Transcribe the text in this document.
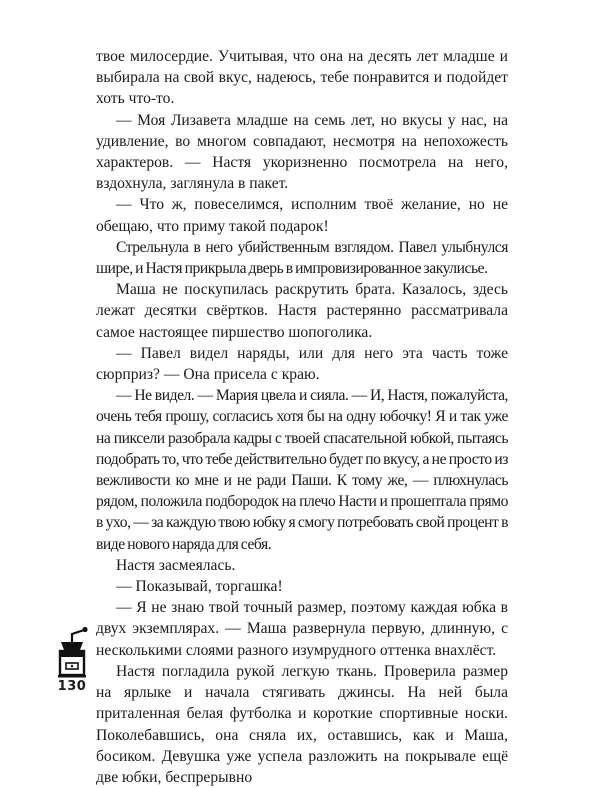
твое милосердие. Учитывая, что она на десять лет младше и выбирала на свой вкус, надеюсь, тебе понравится и подойдет хоть что-то.

— Моя Лизавета младше на семь лет, но вкусы у нас, на удивление, во многом совпадают, несмотря на непохожесть характеров. — Настя укоризненно посмотрела на него, вздохнула, заглянула в пакет.

— Что ж, повеселимся, исполним твоё желание, но не обещаю, что приму такой подарок!

Стрельнула в него убийственным взглядом. Павел улыбнулся шире, и Настя прикрыла дверь в импровизированное закулисье.

Маша не поскупилась раскрутить брата. Казалось, здесь лежат десятки свёртков. Настя растерянно рассматривала самое настоящее пиршество шопоголика.

— Павел видел наряды, или для него эта часть тоже сюрприз? — Она присела с краю.

— Не видел. — Мария цвела и сияла. — И, Настя, пожалуйста, очень тебя прошу, согласись хотя бы на одну юбочку! Я и так уже на пиксели разобрала кадры с твоей спасательной юбкой, пытаясь подобрать то, что тебе действительно будет по вкусу, а не просто из вежливости ко мне и не ради Паши. К тому же, — плюхнулась рядом, положила подбородок на плечо Насти и прошептала прямо в ухо, — за каждую твою юбку я смогу потребовать свой процент в виде нового наряда для себя.

Настя засмеялась.

— Показывай, торгашка!

— Я не знаю твой точный размер, поэтому каждая юбка в двух экземплярах. — Маша развернула первую, длинную, с несколькими слоями разного изумрудного оттенка внахлёст.

Настя погладила рукой легкую ткань. Проверила размер на ярлыке и начала стягивать джинсы. На ней была приталенная белая футболка и короткие спортивные носки. Поколебавшись, она сняла их, оставшись, как и Маша, босиком. Девушка уже успела разложить на покрывале ещё две юбки, беспрерывно

130
